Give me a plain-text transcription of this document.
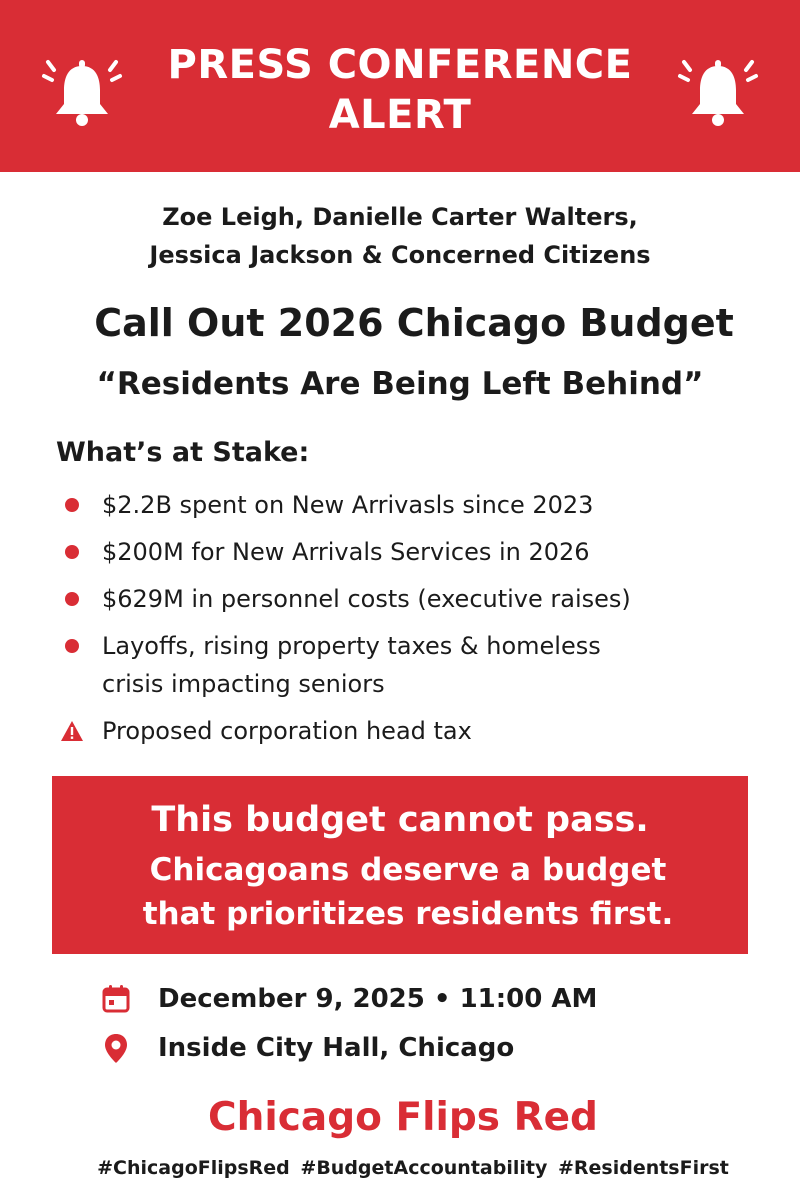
PRESS CONFERENCE
ALERT
Zoe Leigh, Danielle Carter Walters,
Jessica Jackson & Concerned Citizens
Call Out 2026 Chicago Budget
“Residents Are Being Left Behind”
What’s at Stake:
$2.2B spent on New Arrivasls since 2023
$200M for New Arrivals Services in 2026
$629M in personnel costs (executive raises)
Layoffs, rising property taxes & homeless
crisis impacting seniors
Proposed corporation head tax
This budget cannot pass.
Chicagoans deserve a budget
that prioritizes residents first.
December 9, 2025 • 11:00 AM
Inside City Hall, Chicago
Chicago Flips Red
#ChicagoFlipsRed #BudgetAccountability #ResidentsFirst
